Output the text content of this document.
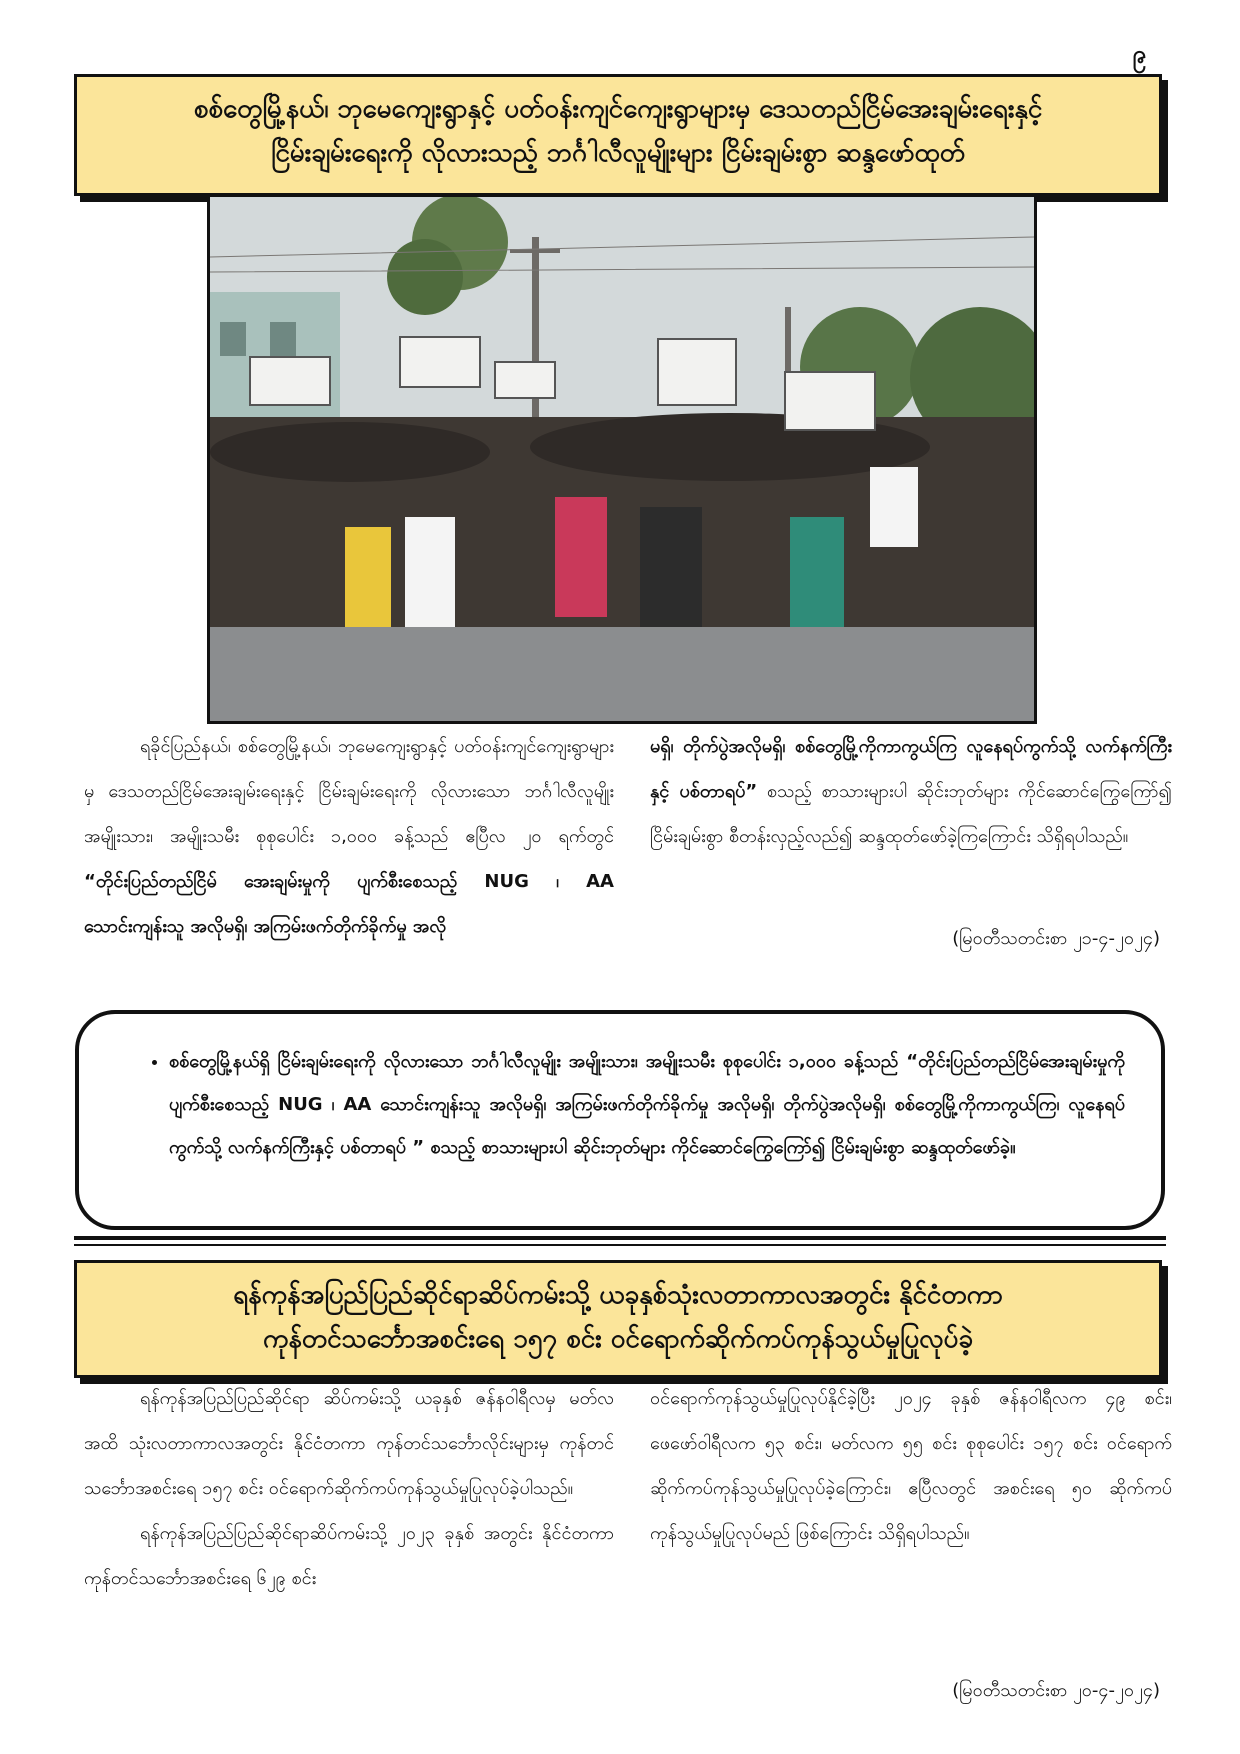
၉
စစ်တွေမြို့နယ်၊ ဘုမေကျေးရွာနှင့် ပတ်ဝန်းကျင်ကျေးရွာများမှ ဒေသတည်ငြိမ်အေးချမ်းရေးနှင့်
ငြိမ်းချမ်းရေးကို လိုလားသည့် ဘင်္ဂါလီလူမျိုးများ ငြိမ်းချမ်းစွာ ဆန္ဒဖော်ထုတ်

ရခိုင်ပြည်နယ်၊ စစ်တွေမြို့နယ်၊ ဘုမေကျေးရွာနှင့် ပတ်ဝန်းကျင်ကျေးရွာများမှ ဒေသတည်ငြိမ်အေးချမ်းရေးနှင့် ငြိမ်းချမ်းရေးကို လိုလားသော ဘင်္ဂါလီလူမျိုး အမျိုးသား၊ အမျိုးသမီး စုစုပေါင်း ၁,၀၀၀ ခန့်သည် ဧပြီလ ၂၀ ရက်တွင် “တိုင်းပြည်တည်ငြိမ် အေးချမ်းမှုကို ပျက်စီးစေသည့် NUG ၊ AA သောင်းကျန်းသူ အလိုမရှိ၊ အကြမ်းဖက်တိုက်ခိုက်မှု အလို

မရှိ၊ တိုက်ပွဲအလိုမရှိ၊ စစ်တွေမြို့ကိုကာကွယ်ကြ လူနေရပ်ကွက်သို့ လက်နက်ကြီးနှင့် ပစ်တာရပ်” စသည့် စာသားများပါ ဆိုင်းဘုတ်များ ကိုင်ဆောင်ကြွေကြော်၍ ငြိမ်းချမ်းစွာ စီတန်းလှည့်လည်၍ ဆန္ဒထုတ်ဖော်ခဲ့ကြကြောင်း သိရှိရပါသည်။

(မြဝတီသတင်းစာ ၂၁-၄-၂၀၂၄)
• စစ်တွေမြို့နယ်ရှိ ငြိမ်းချမ်းရေးကို လိုလားသော ဘင်္ဂါလီလူမျိုး အမျိုးသား၊ အမျိုးသမီး စုစုပေါင်း ၁,၀၀၀ ခန့်သည် “တိုင်းပြည်တည်ငြိမ်အေးချမ်းမှုကို ပျက်စီးစေသည့် NUG ၊ AA သောင်းကျန်းသူ အလိုမရှိ၊ အကြမ်းဖက်တိုက်ခိုက်မှု အလိုမရှိ၊ တိုက်ပွဲအလိုမရှိ၊ စစ်တွေမြို့ကိုကာကွယ်ကြ၊ လူနေရပ်ကွက်သို့ လက်နက်ကြီးနှင့် ပစ်တာရပ် ” စသည့် စာသားများပါ ဆိုင်းဘုတ်များ ကိုင်ဆောင်ကြွေကြော်၍ ငြိမ်းချမ်းစွာ ဆန္ဒထုတ်ဖော်ခဲ့။
ရန်ကုန်အပြည်ပြည်ဆိုင်ရာဆိပ်ကမ်းသို့ ယခုနှစ်သုံးလတာကာလအတွင်း နိုင်ငံတကာ
ကုန်တင်သင်္ဘောအစင်းရေ ၁၅၇ စင်း ဝင်ရောက်ဆိုက်ကပ်ကုန်သွယ်မှုပြုလုပ်ခဲ့

ရန်ကုန်အပြည်ပြည်ဆိုင်ရာ ဆိပ်ကမ်းသို့ ယခုနှစ် ဇန်နဝါရီလမှ မတ်လအထိ သုံးလတာကာလအတွင်း နိုင်ငံတကာ ကုန်တင်သင်္ဘောလိုင်းများမှ ကုန်တင်သင်္ဘောအစင်းရေ ၁၅၇ စင်း ဝင်ရောက်ဆိုက်ကပ်ကုန်သွယ်မှုပြုလုပ်ခဲ့ပါသည်။

ရန်ကုန်အပြည်ပြည်ဆိုင်ရာဆိပ်ကမ်းသို့ ၂၀၂၃ ခုနှစ် အတွင်း နိုင်ငံတကာကုန်တင်သင်္ဘောအစင်းရေ ၆၂၉ စင်း

ဝင်ရောက်ကုန်သွယ်မှုပြုလုပ်နိုင်ခဲ့ပြီး ၂၀၂၄ ခုနှစ် ဇန်နဝါရီလက ၄၉ စင်း၊ ဖေဖော်ဝါရီလက ၅၃ စင်း၊ မတ်လက ၅၅ စင်း စုစုပေါင်း ၁၅၇ စင်း ဝင်ရောက်ဆိုက်ကပ်ကုန်သွယ်မှုပြုလုပ်ခဲ့ကြောင်း၊ ဧပြီလတွင် အစင်းရေ ၅၀ ဆိုက်ကပ်ကုန်သွယ်မှုပြုလုပ်မည် ဖြစ်ကြောင်း သိရှိရပါသည်။

(မြဝတီသတင်းစာ ၂၀-၄-၂၀၂၄)
